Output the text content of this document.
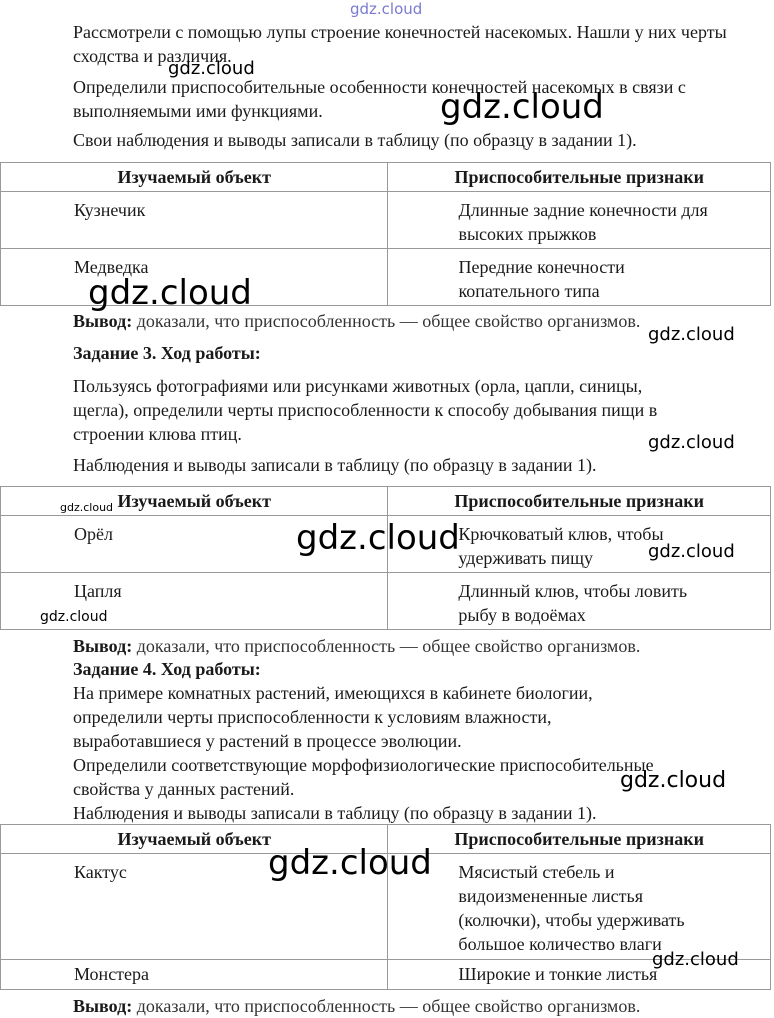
Рассмотрели с помощью лупы строение конечностей насекомых. Нашли у них черты
сходства и различия.
Определили приспособительные особенности конечностей насекомых в связи с
выполняемыми ими функциями.
Свои наблюдения и выводы записали в таблицу (по образцу в задании 1).
Изучаемый объект	Приспособительные признаки
Кузнечик	Длинные задние конечности для
высоких прыжков

Медведка	Передние конечности
копательного типа
Вывод: доказали, что приспособленность — общее свойство организмов.
Задание 3. Ход работы:
Пользуясь фотографиями или рисунками животных (орла, цапли, синицы,
щегла), определили черты приспособленности к способу добывания пищи в
строении клюва птиц.
Наблюдения и выводы записали в таблицу (по образцу в задании 1).
Изучаемый объект	Приспособительные признаки
Орёл	Крючковатый клюв, чтобы
удерживать пищу

Цапля	Длинный клюв, чтобы ловить
рыбу в водоёмах
Вывод: доказали, что приспособленность — общее свойство организмов.
Задание 4. Ход работы:
На примере комнатных растений, имеющихся в кабинете биологии,
определили черты приспособленности к условиям влажности,
выработавшиеся у растений в процессе эволюции.
Определили соответствующие морфофизиологические приспособительные
свойства у данных растений.
Наблюдения и выводы записали в таблицу (по образцу в задании 1).
Изучаемый объект	Приспособительные признаки
Кактус	Мясистый стебель и
видоизмененные листья
(колючки), чтобы удерживать
большое количество влаги

Монстера	Широкие и тонкие листья
Вывод: доказали, что приспособленность — общее свойство организмов.
gdz.cloud
gdz.cloud
gdz.cloud
gdz.cloud
gdz.cloud
gdz.cloud
gdz.cloud
gdz.cloud	gdz.cloud
gdz.cloud
gdz.cloud
gdz.cloud
gdz.cloud
